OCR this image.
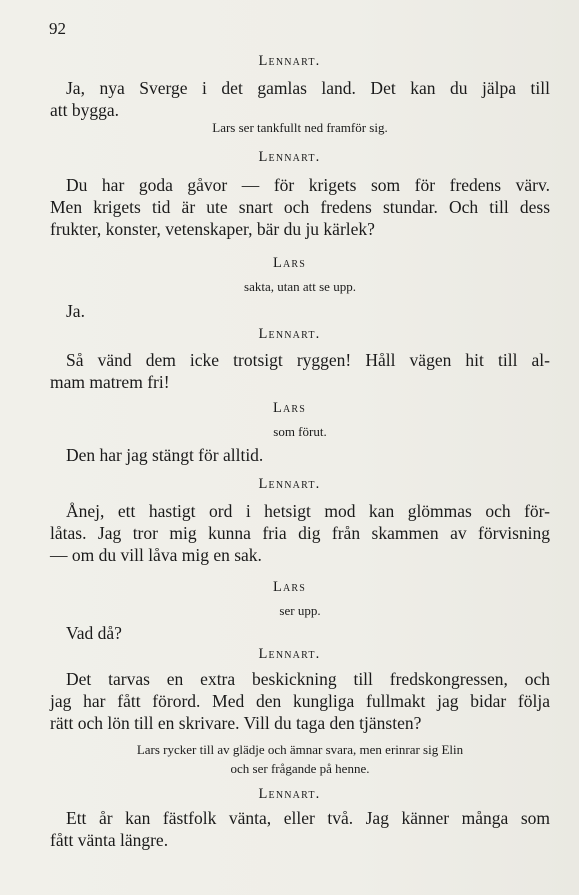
92
Lennart.
Ja, nya Sverge i det gamlas land. Det kan du jälpa till
att bygga.
Lars ser tankfullt ned framför sig.
Lennart.
Du har goda gåvor — för krigets som för fredens värv.
Men krigets tid är ute snart och fredens stundar. Och till dess
frukter, konster, vetenskaper, bär du ju kärlek?
Lars
sakta, utan att se upp.
Ja.
Lennart.
Så vänd dem icke trotsigt ryggen! Håll vägen hit till al-
mam matrem fri!
Lars
som förut.
Den har jag stängt för alltid.
Lennart.
Ånej, ett hastigt ord i hetsigt mod kan glömmas och för-
låtas. Jag tror mig kunna fria dig från skammen av förvisning
— om du vill låva mig en sak.
Lars
ser upp.
Vad då?
Lennart.
Det tarvas en extra beskickning till fredskongressen, och
jag har fått förord. Med den kungliga fullmakt jag bidar följa
rätt och lön till en skrivare. Vill du taga den tjänsten?
Lars rycker till av glädje och ämnar svara, men erinrar sig Elin
och ser frågande på henne.
Lennart.
Ett år kan fästfolk vänta, eller två. Jag känner många som
fått vänta längre.
